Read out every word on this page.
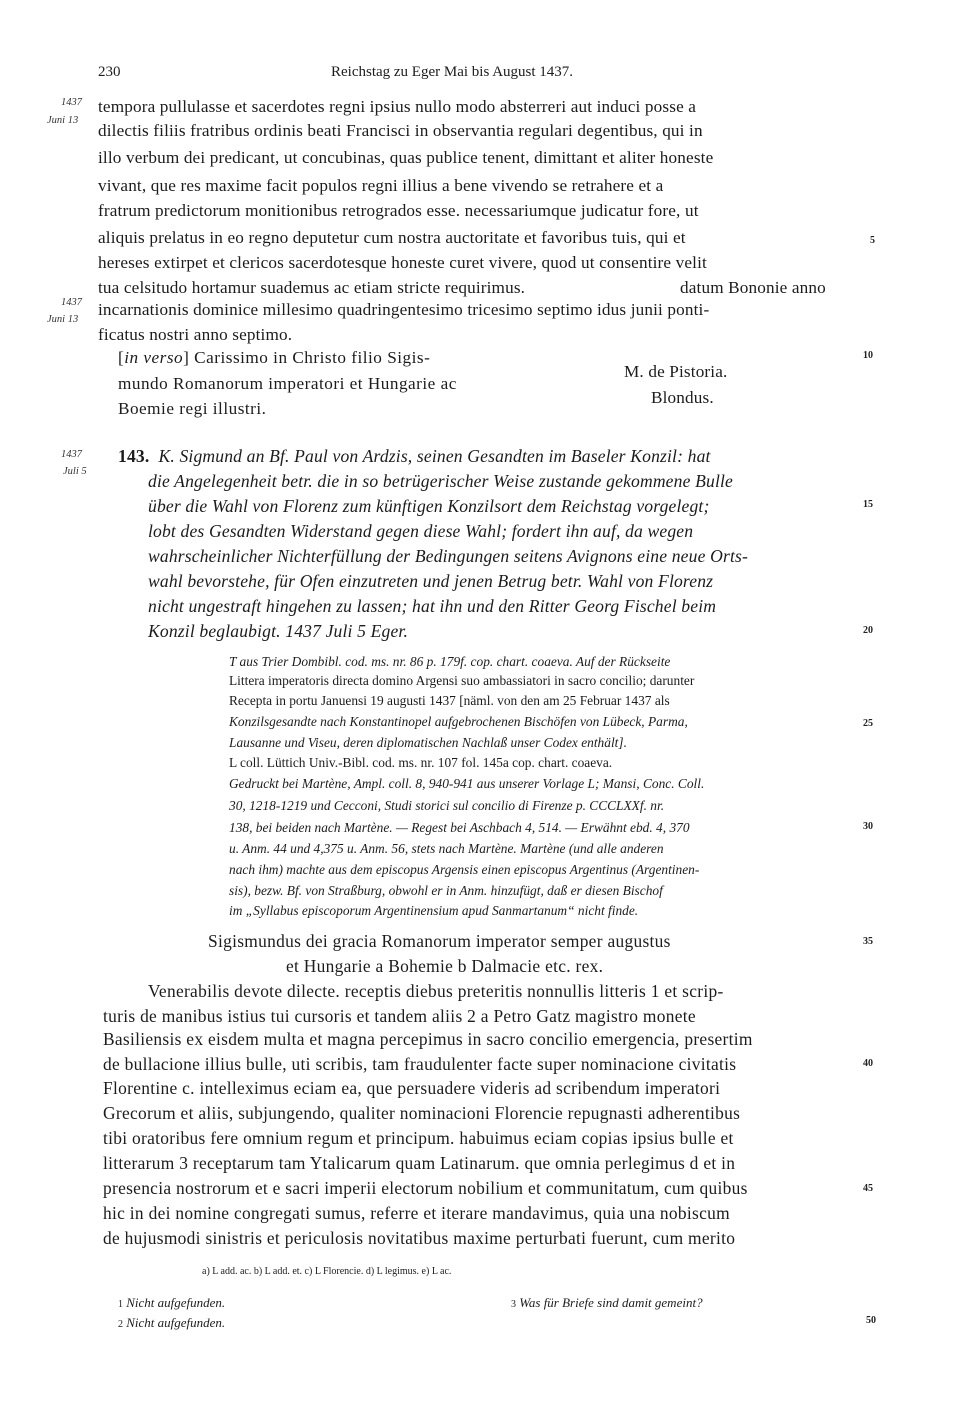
230	Reichstag zu Eger Mai bis August 1437.
1437
Juni 13
1437
Juni 13
1437
Juli 5
5
10
15
20
25
30
35
40
45
50
tempora pullulasse et sacerdotes regni ipsius nullo modo absterreri aut induci posse a
dilectis filiis fratribus ordinis beati Francisci in observantia regulari degentibus, qui in
illo verbum dei predicant, ut concubinas, quas publice tenent, dimittant et aliter honeste
vivant, que res maxime facit populos regni illius a bene vivendo se retrahere et a
fratrum predictorum monitionibus retrogrados esse. necessariumque judicatur fore, ut
aliquis prelatus in eo regno deputetur cum nostra auctoritate et favoribus tuis, qui et
hereses extirpet et clericos sacerdotesque honeste curet vivere, quod ut consentire velit
tua celsitudo hortamur suademus ac etiam stricte requirimus.	datum Bononie anno
incarnationis dominice millesimo quadringentesimo tricesimo septimo idus junii ponti-
ficatus nostri anno septimo.
[in verso] Carissimo in Christo filio Sigis-
mundo Romanorum imperatori et Hungarie ac
Boemie regi illustri.
M. de Pistoria.
Blondus.
143. K. Sigmund an Bf. Paul von Ardzis, seinen Gesandten im Baseler Konzil: hat
die Angelegenheit betr. die in so betrügerischer Weise zustande gekommene Bulle
über die Wahl von Florenz zum künftigen Konzilsort dem Reichstag vorgelegt;
lobt des Gesandten Widerstand gegen diese Wahl; fordert ihn auf, da wegen
wahrscheinlicher Nichterfüllung der Bedingungen seitens Avignons eine neue Orts-
wahl bevorstehe, für Ofen einzutreten und jenen Betrug betr. Wahl von Florenz
nicht ungestraft hingehen zu lassen; hat ihn und den Ritter Georg Fischel beim
Konzil beglaubigt. 1437 Juli 5 Eger.
T aus Trier Dombibl. cod. ms. nr. 86 p. 179f. cop. chart. coaeva. Auf der Rückseite
Littera imperatoris directa domino Argensi suo ambassiatori in sacro concilio; darunter
Recepta in portu Januensi 19 augusti 1437 [näml. von den am 25 Februar 1437 als
Konzilsgesandte nach Konstantinopel aufgebrochenen Bischöfen von Lübeck, Parma,
Lausanne und Viseu, deren diplomatischen Nachlaß unser Codex enthält].
L coll. Lüttich Univ.-Bibl. cod. ms. nr. 107 fol. 145a cop. chart. coaeva.
Gedruckt bei Martène, Ampl. coll. 8, 940-941 aus unserer Vorlage L; Mansi, Conc. Coll.
30, 1218-1219 und Cecconi, Studi storici sul concilio di Firenze p. CCCLXXf. nr.
138, bei beiden nach Martène. — Regest bei Aschbach 4, 514. — Erwähnt ebd. 4, 370
u. Anm. 44 und 4,375 u. Anm. 56, stets nach Martène. Martène (und alle anderen
nach ihm) machte aus dem episcopus Argensis einen episcopus Argentinus (Argentinen-
sis), bezw. Bf. von Straßburg, obwohl er in Anm. hinzufügt, daß er diesen Bischof
im „Syllabus episcoporum Argentinensium apud Sanmartanum“ nicht finde.
Sigismundus dei gracia Romanorum imperator semper augustus
et Hungarie a Bohemie b Dalmacie etc. rex.
Venerabilis devote dilecte. receptis diebus preteritis nonnullis litteris 1 et scrip-
turis de manibus istius tui cursoris et tandem aliis 2 a Petro Gatz magistro monete
Basiliensis ex eisdem multa et magna percepimus in sacro concilio emergencia, presertim
de bullacione illius bulle, uti scribis, tam fraudulenter facte super nominacione civitatis
Florentine c. intelleximus eciam ea, que persuadere videris ad scribendum imperatori
Grecorum et aliis, subjungendo, qualiter nominacioni Florencie repugnasti adherentibus
tibi oratoribus fere omnium regum et principum. habuimus eciam copias ipsius bulle et
litterarum 3 receptarum tam Ytalicarum quam Latinarum. que omnia perlegimus d et in
presencia nostrorum et e sacri imperii electorum nobilium et communitatum, cum quibus
hic in dei nomine congregati sumus, referre et iterare mandavimus, quia una nobiscum
de hujusmodi sinistris et periculosis novitatibus maxime perturbati fuerunt, cum merito
a) L add. ac. b) L add. et. c) L Florencie. d) L legimus. e) L ac.
1 Nicht aufgefunden.
2 Nicht aufgefunden.
3 Was für Briefe sind damit gemeint?
